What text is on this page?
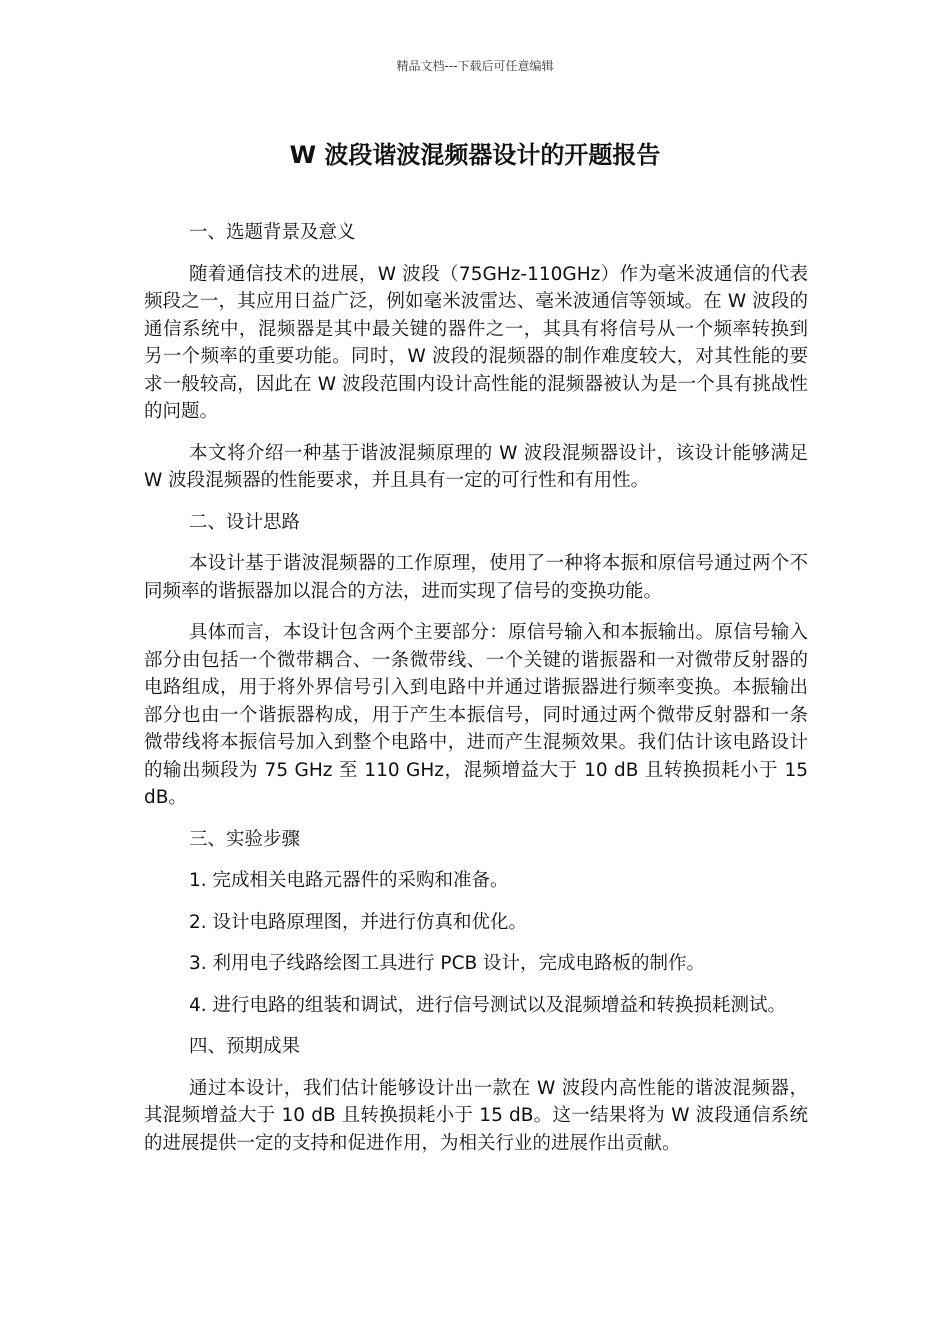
精品文档---下载后可任意编辑
W 波段谐波混频器设计的开题报告

一、选题背景及意义

随着通信技术的进展，W 波段（75GHz-110GHz）作为毫米波通信的代表频段之一，其应用日益广泛，例如毫米波雷达、毫米波通信等领域。在 W 波段的通信系统中，混频器是其中最关键的器件之一，其具有将信号从一个频率转换到另一个频率的重要功能。同时，W 波段的混频器的制作难度较大，对其性能的要求一般较高，因此在 W 波段范围内设计高性能的混频器被认为是一个具有挑战性的问题。

本文将介绍一种基于谐波混频原理的 W 波段混频器设计，该设计能够满足 W 波段混频器的性能要求，并且具有一定的可行性和有用性。

二、设计思路

本设计基于谐波混频器的工作原理，使用了一种将本振和原信号通过两个不同频率的谐振器加以混合的方法，进而实现了信号的变换功能。

具体而言，本设计包含两个主要部分：原信号输入和本振输出。原信号输入部分由包括一个微带耦合、一条微带线、一个关键的谐振器和一对微带反射器的电路组成，用于将外界信号引入到电路中并通过谐振器进行频率变换。本振输出部分也由一个谐振器构成，用于产生本振信号，同时通过两个微带反射器和一条微带线将本振信号加入到整个电路中，进而产生混频效果。我们估计该电路设计的输出频段为 75 GHz 至 110 GHz，混频增益大于 10 dB 且转换损耗小于 15 dB。

三、实验步骤

1. 完成相关电路元器件的采购和准备。

2. 设计电路原理图，并进行仿真和优化。

3. 利用电子线路绘图工具进行 PCB 设计，完成电路板的制作。

4. 进行电路的组装和调试，进行信号测试以及混频增益和转换损耗测试。

四、预期成果

通过本设计，我们估计能够设计出一款在 W 波段内高性能的谐波混频器，其混频增益大于 10 dB 且转换损耗小于 15 dB。这一结果将为 W 波段通信系统的进展提供一定的支持和促进作用，为相关行业的进展作出贡献。
